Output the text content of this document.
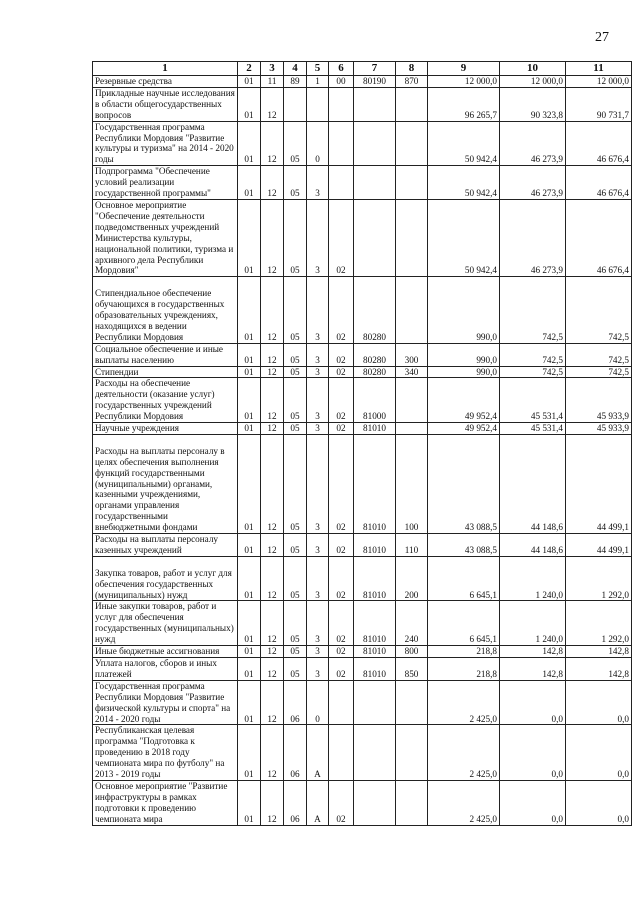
27
1	2	3	4	5	6	7	8	9	10	11
Резервные средства	01	11	89	1	00	80190	870	12 000,0	12 000,0	12 000,0
Прикладные научные исследования в области общегосударственных вопросов	01	12						96 265,7	90 323,8	90 731,7
Государственная программа Республики Мордовия "Развитие культуры и туризма" на 2014 - 2020 годы	01	12	05	0				50 942,4	46 273,9	46 676,4
Подпрограмма "Обеспечение условий реализации государственной программы"	01	12	05	3				50 942,4	46 273,9	46 676,4
Основное мероприятие "Обеспечение деятельности подведомственных учреждений Министерства культуры, национальной политики, туризма и архивного дела Республики Мордовия"	01	12	05	3	02			50 942,4	46 273,9	46 676,4
Стипендиальное обеспечение обучающихся в государственных образовательных учреждениях, находящихся в ведении Республики Мордовия	01	12	05	3	02	80280		990,0	742,5	742,5
Социальное обеспечение и иные выплаты населению	01	12	05	3	02	80280	300	990,0	742,5	742,5
Стипендии	01	12	05	3	02	80280	340	990,0	742,5	742,5
Расходы на обеспечение деятельности (оказание услуг) государственных учреждений Республики Мордовия	01	12	05	3	02	81000		49 952,4	45 531,4	45 933,9
Научные учреждения	01	12	05	3	02	81010		49 952,4	45 531,4	45 933,9
Расходы на выплаты персоналу в целях обеспечения выполнения функций государственными (муниципальными) органами, казенными учреждениями, органами управления государственными внебюджетными фондами	01	12	05	3	02	81010	100	43 088,5	44 148,6	44 499,1
Расходы на выплаты персоналу казенных учреждений	01	12	05	3	02	81010	110	43 088,5	44 148,6	44 499,1
Закупка товаров, работ и услуг для обеспечения государственных (муниципальных) нужд	01	12	05	3	02	81010	200	6 645,1	1 240,0	1 292,0
Иные закупки товаров, работ и услуг для обеспечения государственных (муниципальных) нужд	01	12	05	3	02	81010	240	6 645,1	1 240,0	1 292,0
Иные бюджетные ассигнования	01	12	05	3	02	81010	800	218,8	142,8	142,8
Уплата налогов, сборов и иных платежей	01	12	05	3	02	81010	850	218,8	142,8	142,8
Государственная программа Республики Мордовия "Развитие физической культуры и спорта" на 2014 - 2020 годы	01	12	06	0				2 425,0	0,0	0,0
Республиканская целевая программа "Подготовка к проведению в 2018 году чемпионата мира по футболу" на 2013 - 2019 годы	01	12	06	А				2 425,0	0,0	0,0
Основное мероприятие "Развитие инфраструктуры в рамках подготовки к проведению чемпионата мира	01	12	06	А	02			2 425,0	0,0	0,0
